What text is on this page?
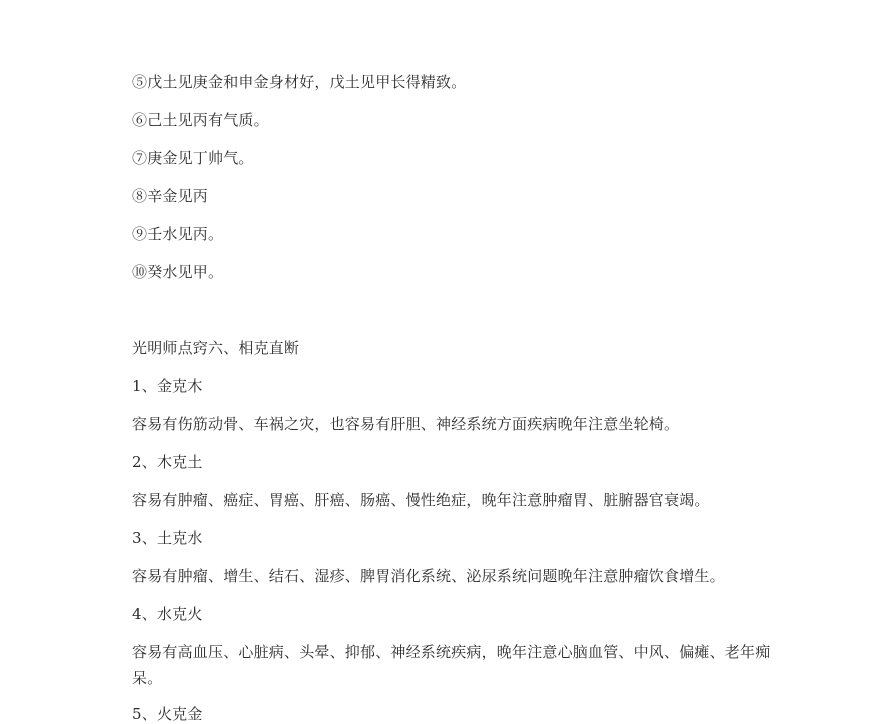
⑤戊土见庚金和申金身材好，戊土见甲长得精致。

⑥己土见丙有气质。

⑦庚金见丁帅气。

⑧辛金见丙

⑨壬水见丙。

⑩癸水见甲。

光明师点窍六、相克直断

1、金克木

容易有伤筋动骨、车祸之灾，也容易有肝胆、神经系统方面疾病晚年注意坐轮椅。

2、木克土

容易有肿瘤、癌症、胃癌、肝癌、肠癌、慢性绝症，晚年注意肿瘤胃、脏腑器官衰竭。

3、土克水

容易有肿瘤、增生、结石、湿疹、脾胃消化系统、泌尿系统问题晚年注意肿瘤饮食增生。

4、水克火

容易有高血压、心脏病、头晕、抑郁、神经系统疾病，晚年注意心脑血管、中风、偏瘫、老年痴呆。

5、火克金
